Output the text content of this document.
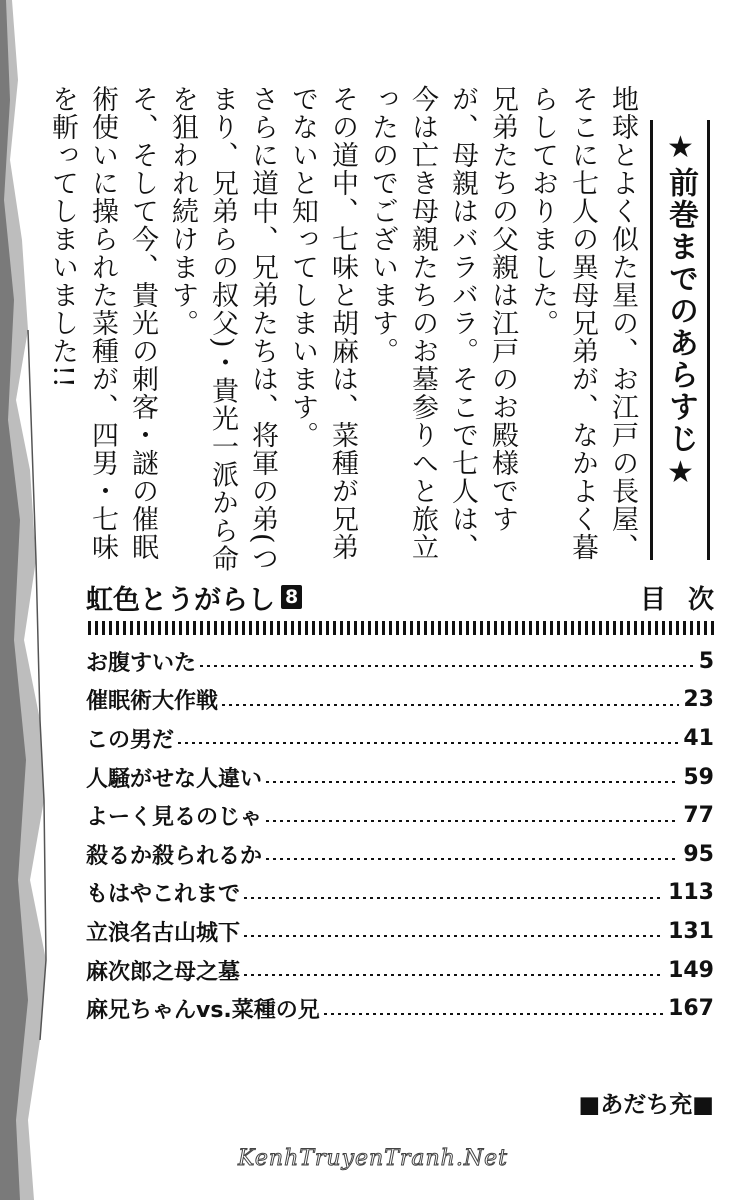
地球とよく似た星の、お江戸の長屋、そこに七人の異母兄弟が、なかよく暮らしておりました。

兄弟たちの父親は江戸のお殿様ですが、母親はバラバラ。そこで七人は、今は亡き母親たちのお墓参りへと旅立ったのでございます。

その道中、七味と胡麻は、菜種が兄弟でないと知ってしまいます。

さらに道中、兄弟たちは、将軍の弟(つまり、兄弟らの叔父)・貴光一派から命を狙われ続けます。

そ、そして今、貴光の刺客・謎の催眠術使いに操られた菜種が、四男・七味を斬ってしまいました!!	★前巻までのあらすじ★
虹色とうがらし 8	目次
お腹すいた	5
催眠術大作戦	23
この男だ	41
人騒がせな人違い	59
よーく見るのじゃ	77
殺るか殺られるか	95
もはやこれまで	113
立浪名古山城下	131
麻次郎之母之墓	149
麻兄ちゃんvs.菜種の兄	167
■あだち充■
KenhTruyenTranh.Net
